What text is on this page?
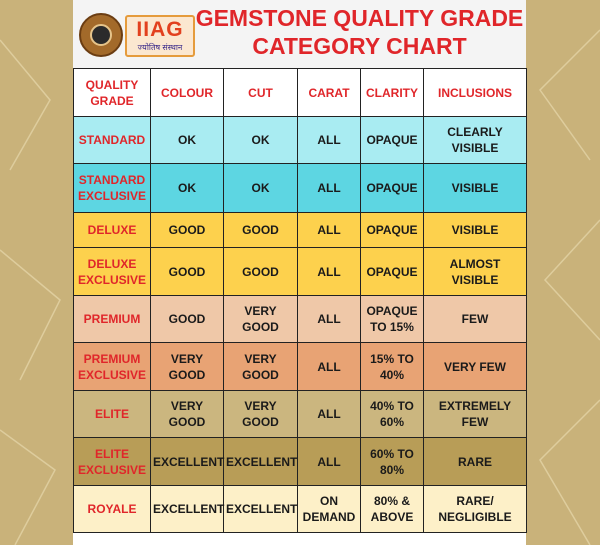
IIAG
ज्योतिष संस्थान
GEMSTONE QUALITY GRADE
CATEGORY CHART
QUALITY GRADE	COLOUR	CUT	CARAT	CLARITY	INCLUSIONS
STANDARD	OK	OK	ALL	OPAQUE	CLEARLY VISIBLE
STANDARD EXCLUSIVE	OK	OK	ALL	OPAQUE	VISIBLE
DELUXE	GOOD	GOOD	ALL	OPAQUE	VISIBLE
DELUXE EXCLUSIVE	GOOD	GOOD	ALL	OPAQUE	ALMOST VISIBLE
PREMIUM	GOOD	VERY GOOD	ALL	OPAQUE TO 15%	FEW
PREMIUM EXCLUSIVE	VERY GOOD	VERY GOOD	ALL	15% TO 40%	VERY FEW
ELITE	VERY GOOD	VERY GOOD	ALL	40% TO 60%	EXTREMELY FEW
ELITE EXCLUSIVE	EXCELLENT	EXCELLENT	ALL	60% TO 80%	RARE
ROYALE	EXCELLENT	EXCELLENT	ON DEMAND	80% & ABOVE	RARE/ NEGLIGIBLE
